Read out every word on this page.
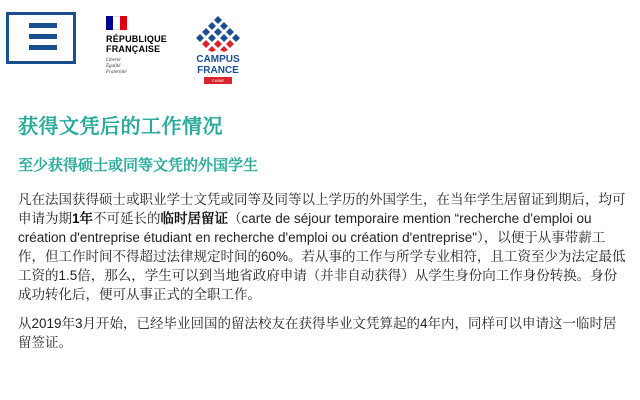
RÉPUBLIQUE
FRANÇAISE
Liberté
Égalité
Fraternité
CAMPUS
FRANCE
CHINE
获得文凭后的工作情况
至少获得硕士或同等文凭的外国学生

凡在法国获得硕士或职业学士文凭或同等及同等以上学历的外国学生，在当年学生居留证到期后，均可申请为期1年不可延长的临时居留证（carte de séjour temporaire mention “recherche d'emploi ou création d'entreprise étudiant en recherche d'emploi ou création d'entreprise"），以便于从事带薪工作，但工作时间不得超过法律规定时间的60%。若从事的工作与所学专业相符，且工资至少为法定最低工资的1.5倍，那么，学生可以到当地省政府申请（并非自动获得）从学生身份向工作身份转换。身份成功转化后，便可从事正式的全职工作。

从2019年3月开始，已经毕业回国的留法校友在获得毕业文凭算起的4年内，同样可以申请这一临时居留签证。
